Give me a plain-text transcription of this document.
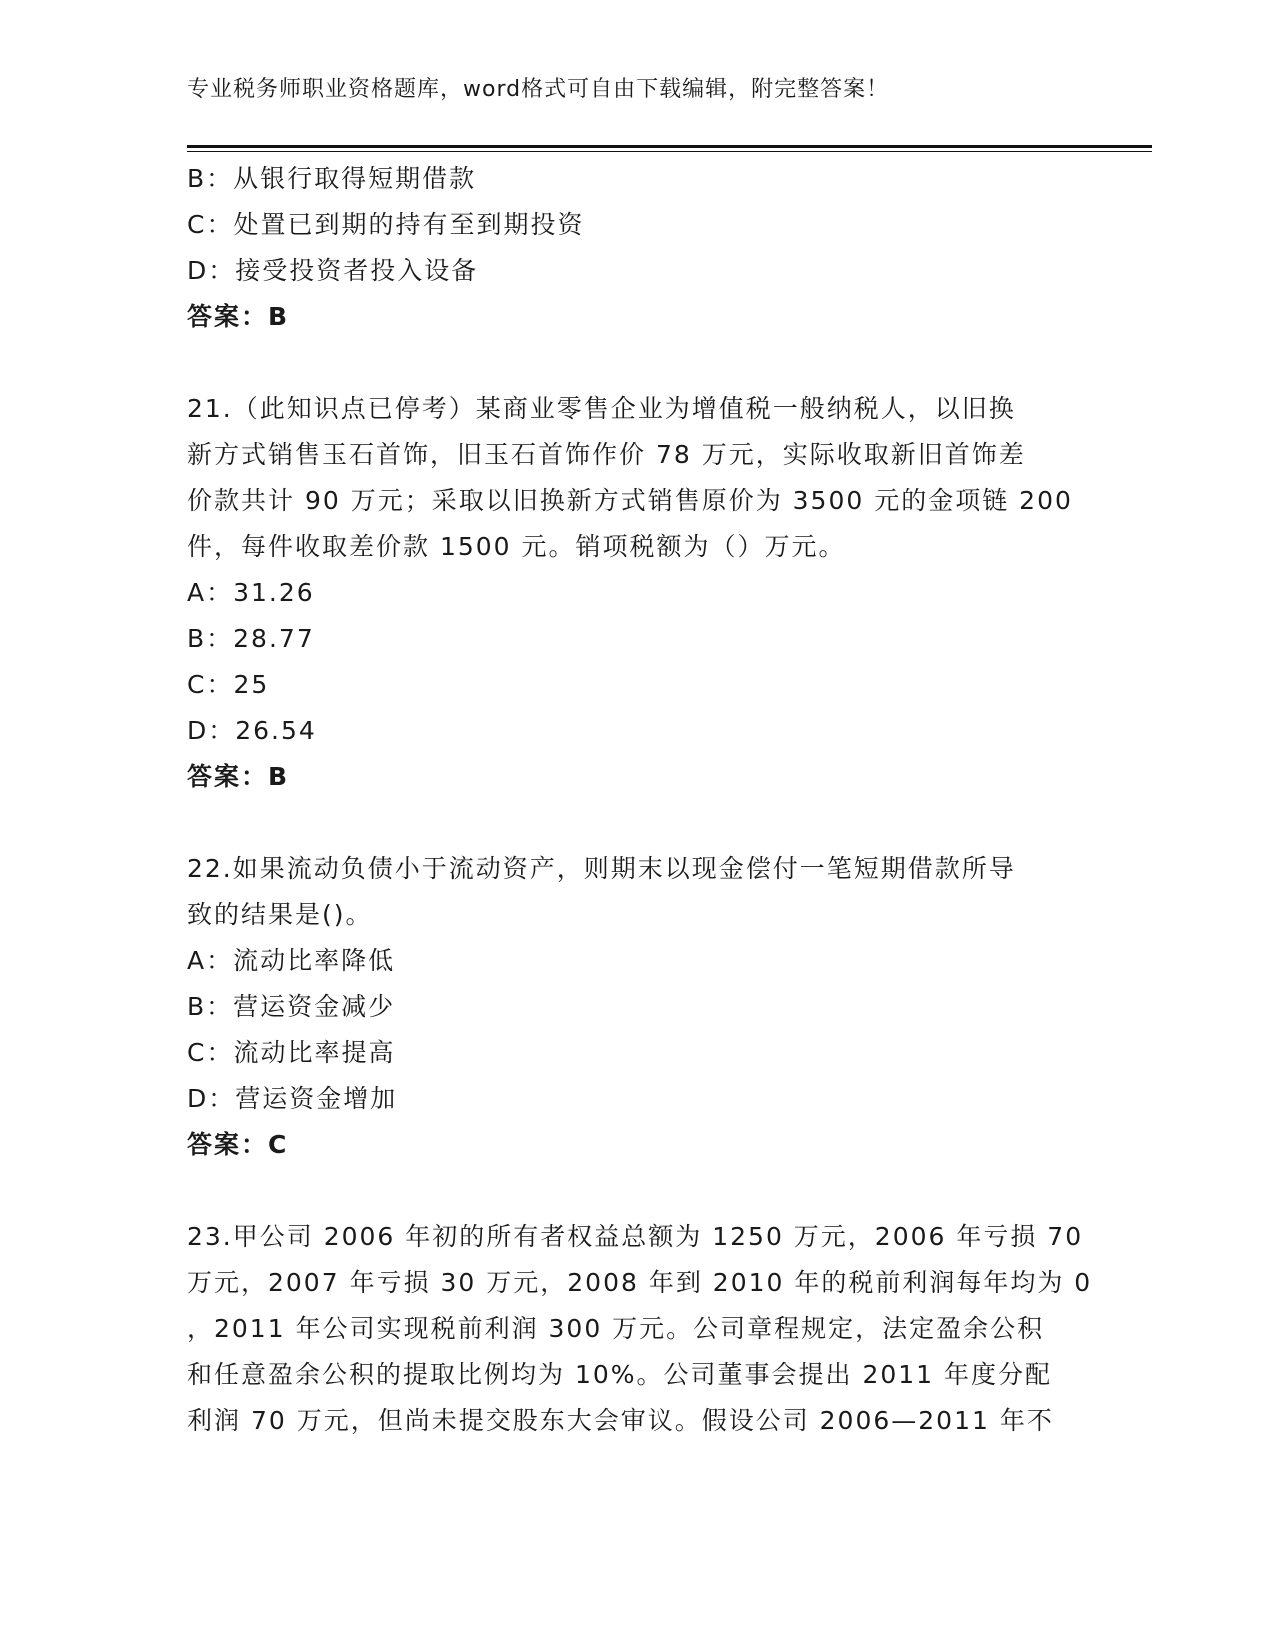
专业税务师职业资格题库，word格式可自由下载编辑，附完整答案！
B：从银行取得短期借款
C：处置已到期的持有至到期投资
D：接受投资者投入设备
答案：B
21.（此知识点已停考）某商业零售企业为增值税一般纳税人，以旧换
新方式销售玉石首饰，旧玉石首饰作价 78 万元，实际收取新旧首饰差
价款共计 90 万元；采取以旧换新方式销售原价为 3500 元的金项链 200
件，每件收取差价款 1500 元。销项税额为（）万元。
A：31.26
B：28.77
C：25
D：26.54
答案：B
22.如果流动负债小于流动资产，则期末以现金偿付一笔短期借款所导
致的结果是()。
A：流动比率降低
B：营运资金减少
C：流动比率提高
D：营运资金增加
答案：C
23.甲公司 2006 年初的所有者权益总额为 1250 万元，2006 年亏损 70
万元，2007 年亏损 30 万元，2008 年到 2010 年的税前利润每年均为 0
，2011 年公司实现税前利润 300 万元。公司章程规定，法定盈余公积
和任意盈余公积的提取比例均为 10%。公司董事会提出 2011 年度分配
利润 70 万元，但尚未提交股东大会审议。假设公司 2006—2011 年不
